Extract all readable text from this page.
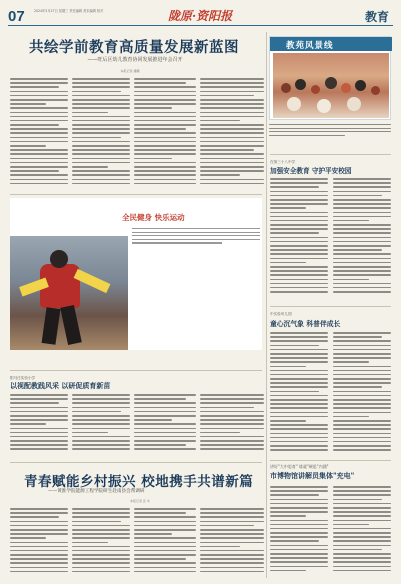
07	2024年3月27日 星期三 责任编辑 美术编辑 校对	陇原·资阳报	教育
共绘学前教育高质量发展新蓝图
——旺后区幼儿教育协同发展推进年会召开
本报记者 潘鹏
教苑风景线
在第三十八中学
加强安全教育 守护平安校园
全民健身 快乐运动
中实验幼儿园
童心沉气象 科普伴成长
阳马庄实验小学
以视配教践风采 以研促质育新苗
青春赋能乡村振兴 校地携手共谱新篇
——黄淮学院能源工程学院研生赴南县会帮调研
本报记者 张 华
讲好"大中思育" 练就"硬思"内涵"
市博物馆讲解员集体"充电"
